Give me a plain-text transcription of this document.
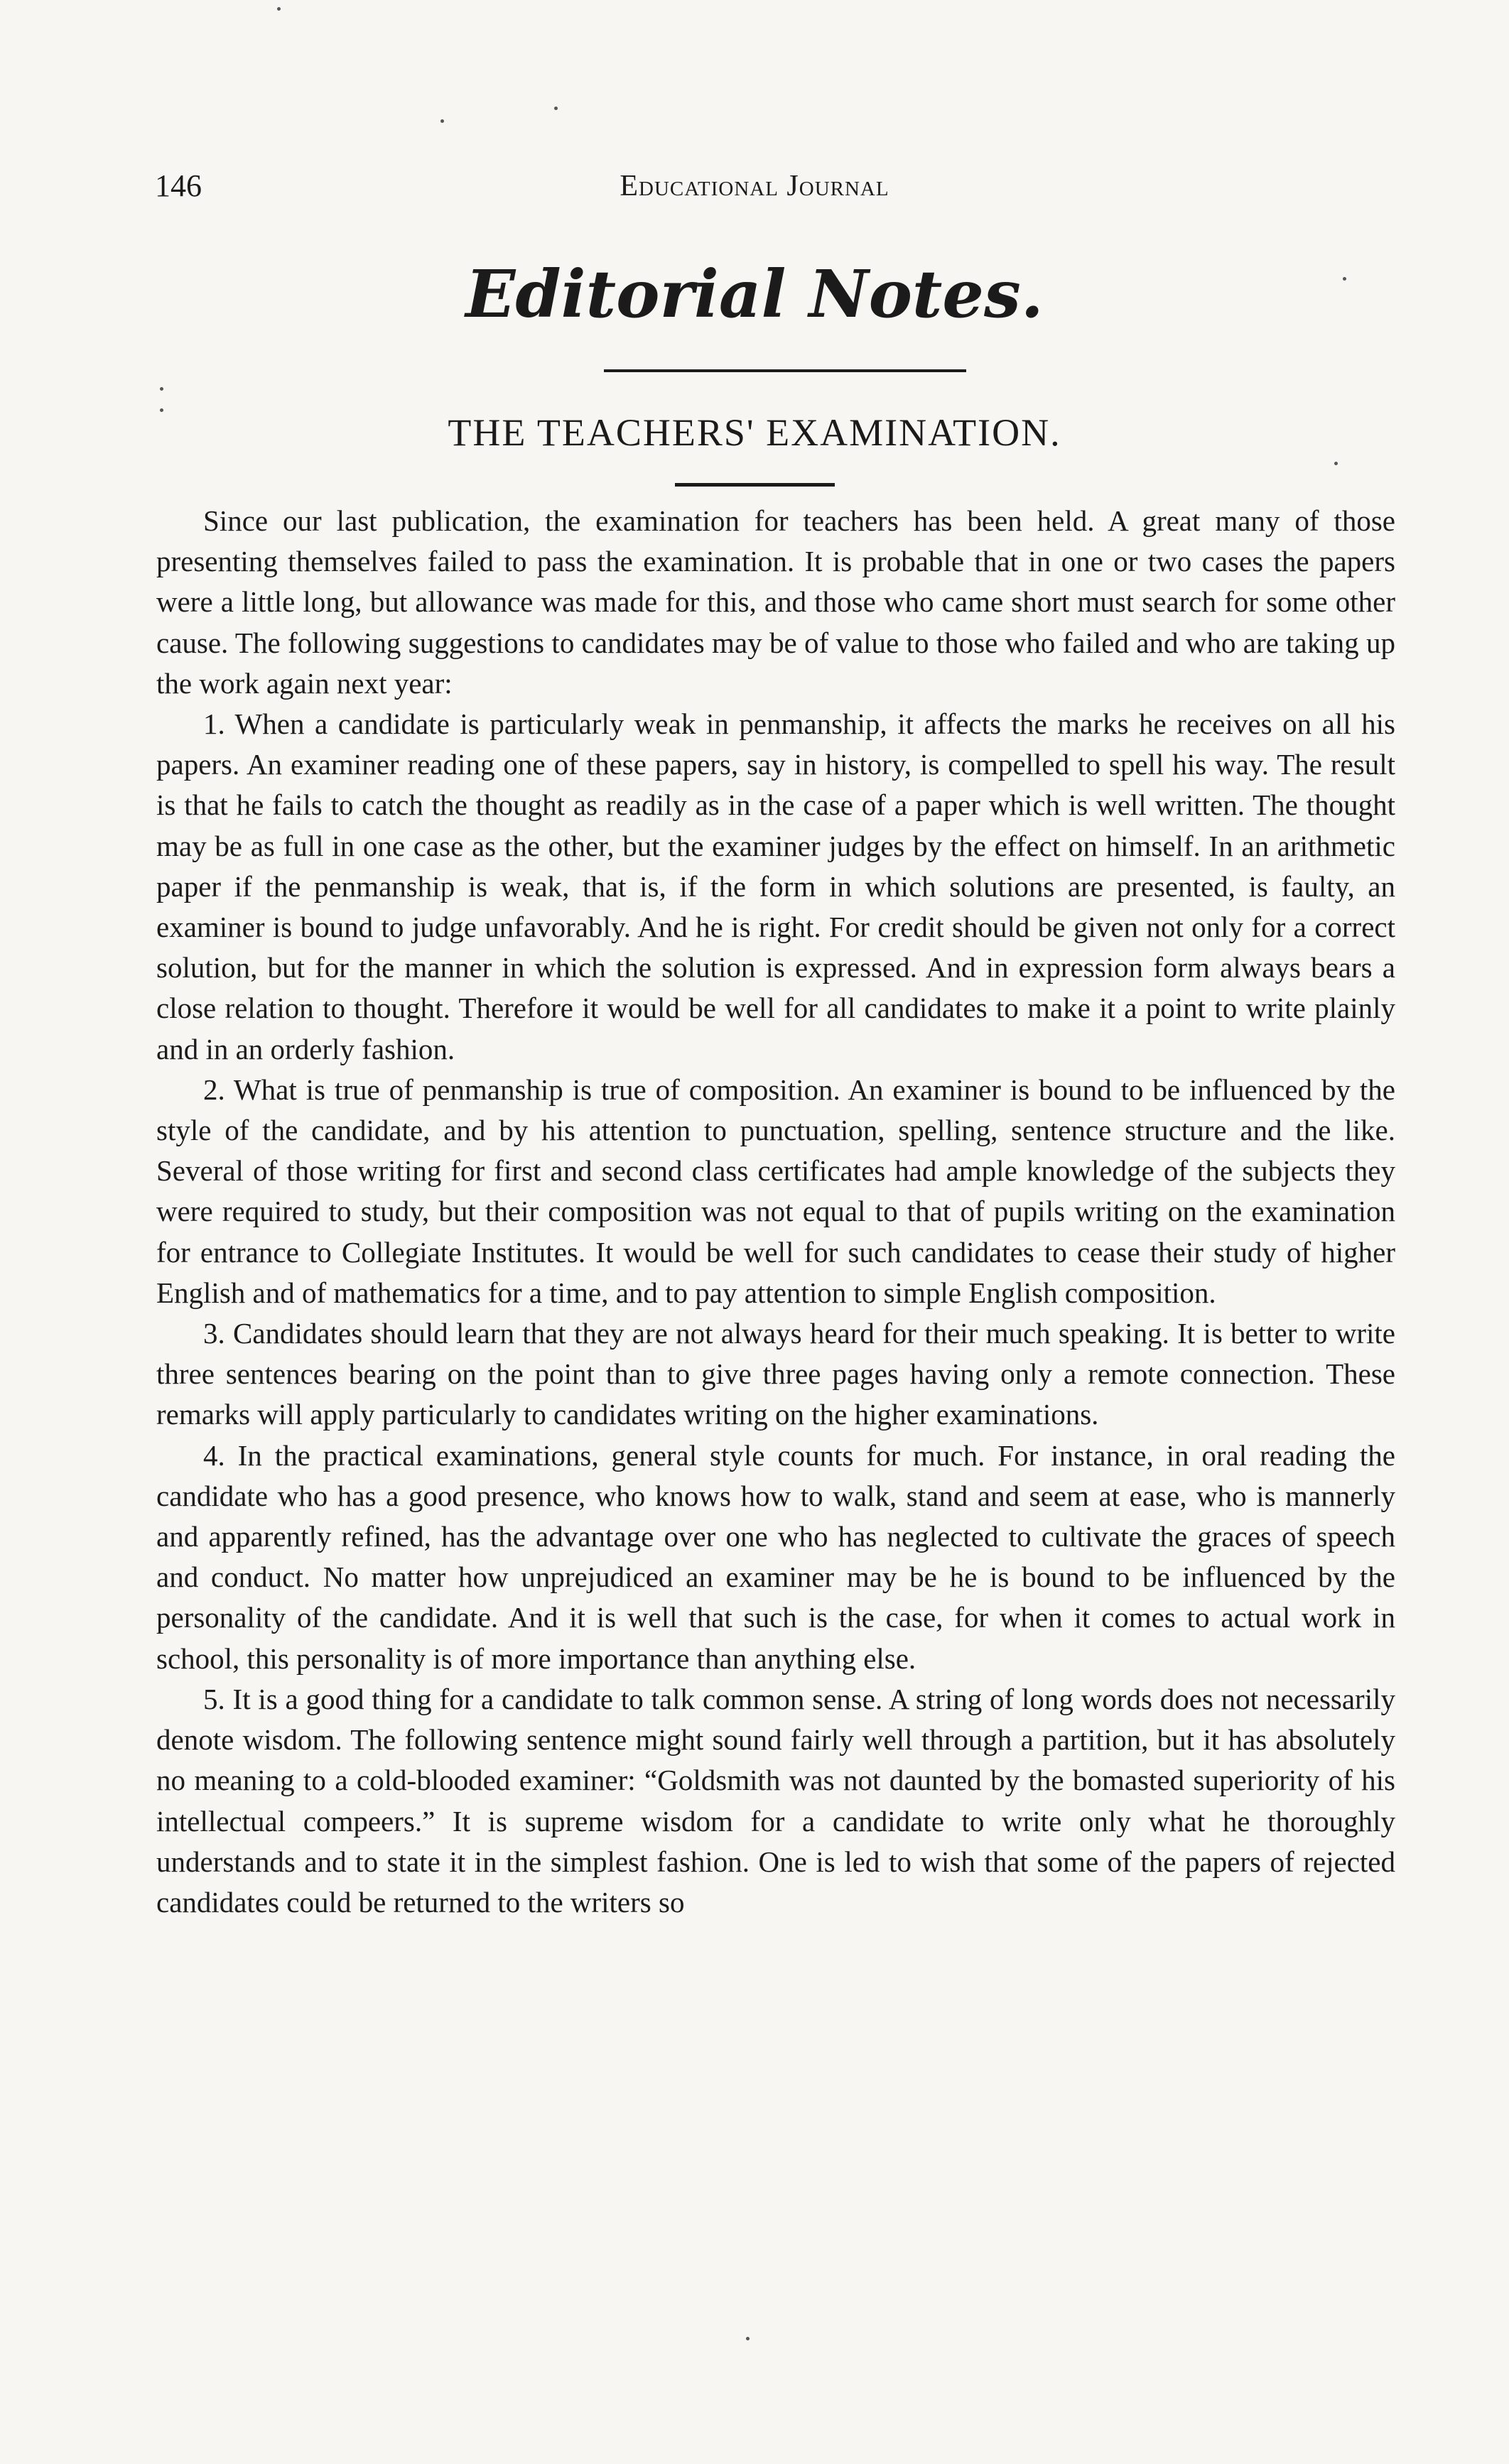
146	Educational Journal
Editorial Notes.
THE TEACHERS' EXAMINATION.

Since our last publication, the examination for teachers has been held. A great many of those presenting themselves failed to pass the examination. It is probable that in one or two cases the papers were a little long, but allowance was made for this, and those who came short must search for some other cause. The following suggestions to candidates may be of value to those who failed and who are taking up the work again next year:

1. When a candidate is particularly weak in penmanship, it affects the marks he receives on all his papers. An examiner reading one of these papers, say in history, is compelled to spell his way. The result is that he fails to catch the thought as readily as in the case of a paper which is well written. The thought may be as full in one case as the other, but the examiner judges by the effect on himself. In an arithmetic paper if the penmanship is weak, that is, if the form in which solutions are presented, is faulty, an examiner is bound to judge unfavorably. And he is right. For credit should be given not only for a correct solution, but for the manner in which the solution is expressed. And in expression form always bears a close relation to thought. Therefore it would be well for all candidates to make it a point to write plainly and in an orderly fashion.

2. What is true of penmanship is true of composition. An examiner is bound to be influenced by the style of the candidate, and by his attention to punctuation, spelling, sentence structure and the like. Several of those writing for first and second class certificates had ample knowledge of the subjects they were required to study, but their composition was not equal to that of pupils writing on the examination for entrance to Collegiate Institutes. It would be well for such candidates to cease their study of higher English and of mathematics for a time, and to pay attention to simple English composition.

3. Candidates should learn that they are not always heard for their much speaking. It is better to write three sentences bearing on the point than to give three pages having only a remote connection. These remarks will apply particularly to candidates writing on the higher examinations.

4. In the practical examinations, general style counts for much. For instance, in oral reading the candidate who has a good presence, who knows how to walk, stand and seem at ease, who is mannerly and apparently refined, has the advantage over one who has neglected to cultivate the graces of speech and conduct. No matter how unprejudiced an examiner may be he is bound to be influenced by the personality of the candidate. And it is well that such is the case, for when it comes to actual work in school, this personality is of more importance than anything else.

5. It is a good thing for a candidate to talk common sense. A string of long words does not necessarily denote wisdom. The following sentence might sound fairly well through a partition, but it has absolutely no meaning to a cold-blooded examiner: “Goldsmith was not daunted by the bomasted superiority of his intellectual compeers.” It is supreme wisdom for a candidate to write only what he thoroughly understands and to state it in the simplest fashion. One is led to wish that some of the papers of rejected candidates could be returned to the writers so
